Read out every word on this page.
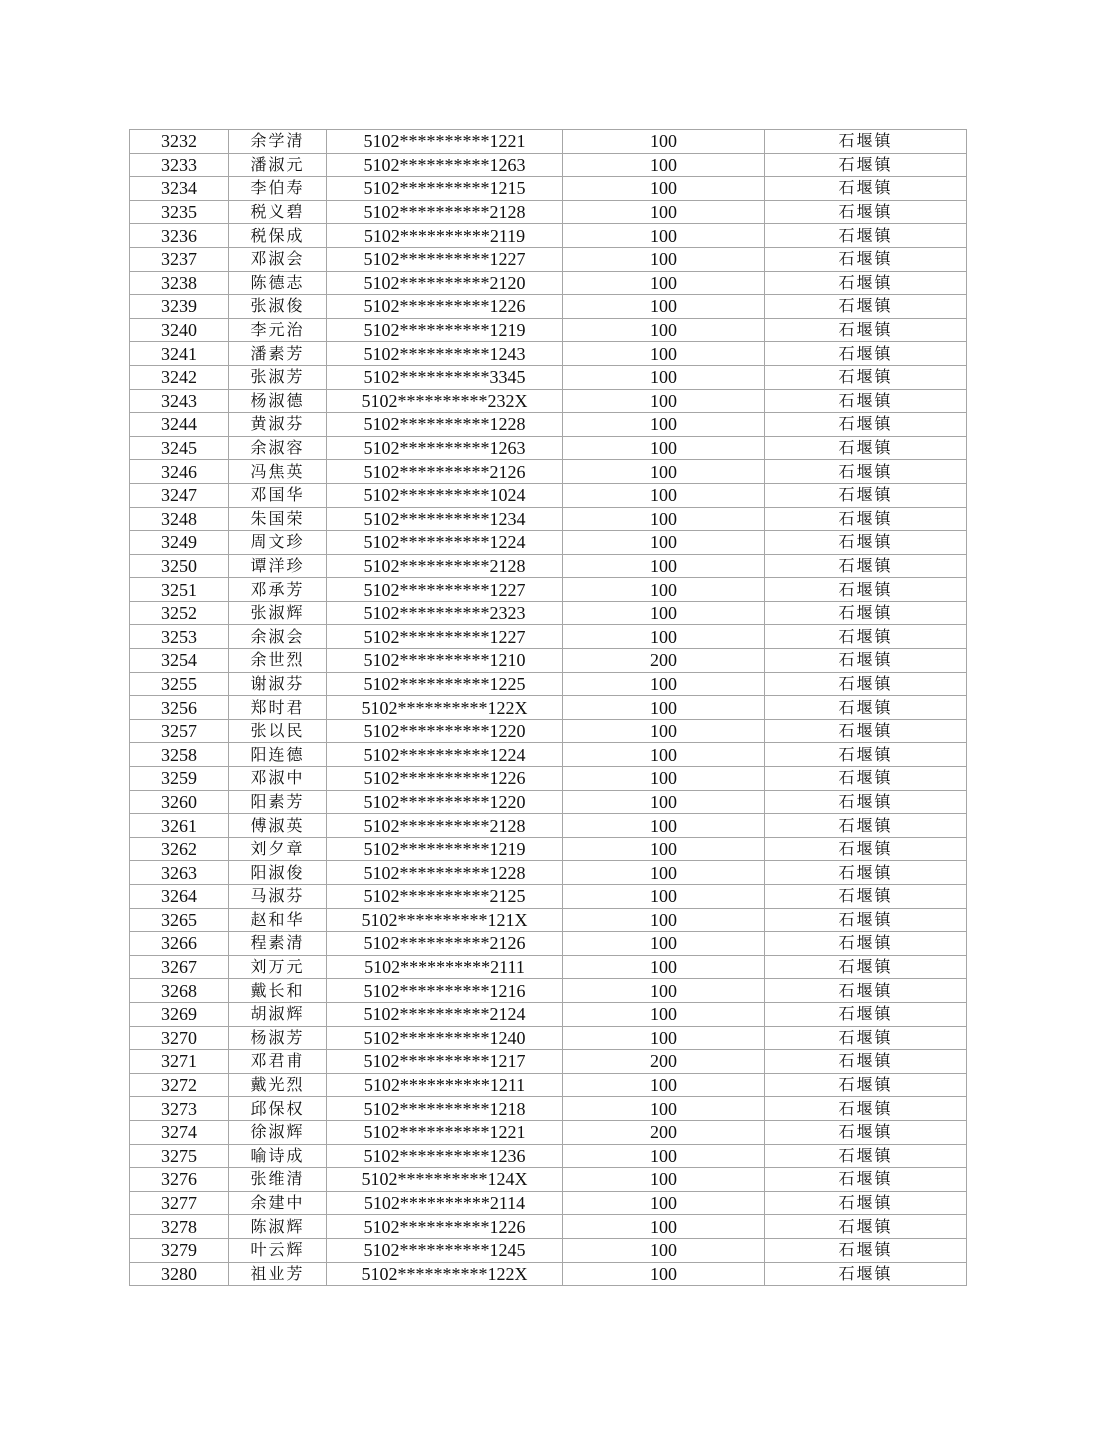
3232	余学清	5102**********1221	100	石堰镇
3233	潘淑元	5102**********1263	100	石堰镇
3234	李伯寿	5102**********1215	100	石堰镇
3235	税义碧	5102**********2128	100	石堰镇
3236	税保成	5102**********2119	100	石堰镇
3237	邓淑会	5102**********1227	100	石堰镇
3238	陈德志	5102**********2120	100	石堰镇
3239	张淑俊	5102**********1226	100	石堰镇
3240	李元治	5102**********1219	100	石堰镇
3241	潘素芳	5102**********1243	100	石堰镇
3242	张淑芳	5102**********3345	100	石堰镇
3243	杨淑德	5102**********232X	100	石堰镇
3244	黄淑芬	5102**********1228	100	石堰镇
3245	余淑容	5102**********1263	100	石堰镇
3246	冯焦英	5102**********2126	100	石堰镇
3247	邓国华	5102**********1024	100	石堰镇
3248	朱国荣	5102**********1234	100	石堰镇
3249	周文珍	5102**********1224	100	石堰镇
3250	谭洋珍	5102**********2128	100	石堰镇
3251	邓承芳	5102**********1227	100	石堰镇
3252	张淑辉	5102**********2323	100	石堰镇
3253	余淑会	5102**********1227	100	石堰镇
3254	余世烈	5102**********1210	200	石堰镇
3255	谢淑芬	5102**********1225	100	石堰镇
3256	郑时君	5102**********122X	100	石堰镇
3257	张以民	5102**********1220	100	石堰镇
3258	阳连德	5102**********1224	100	石堰镇
3259	邓淑中	5102**********1226	100	石堰镇
3260	阳素芳	5102**********1220	100	石堰镇
3261	傅淑英	5102**********2128	100	石堰镇
3262	刘夕章	5102**********1219	100	石堰镇
3263	阳淑俊	5102**********1228	100	石堰镇
3264	马淑芬	5102**********2125	100	石堰镇
3265	赵和华	5102**********121X	100	石堰镇
3266	程素清	5102**********2126	100	石堰镇
3267	刘万元	5102**********2111	100	石堰镇
3268	戴长和	5102**********1216	100	石堰镇
3269	胡淑辉	5102**********2124	100	石堰镇
3270	杨淑芳	5102**********1240	100	石堰镇
3271	邓君甫	5102**********1217	200	石堰镇
3272	戴光烈	5102**********1211	100	石堰镇
3273	邱保权	5102**********1218	100	石堰镇
3274	徐淑辉	5102**********1221	200	石堰镇
3275	喻诗成	5102**********1236	100	石堰镇
3276	张维清	5102**********124X	100	石堰镇
3277	余建中	5102**********2114	100	石堰镇
3278	陈淑辉	5102**********1226	100	石堰镇
3279	叶云辉	5102**********1245	100	石堰镇
3280	祖业芳	5102**********122X	100	石堰镇
